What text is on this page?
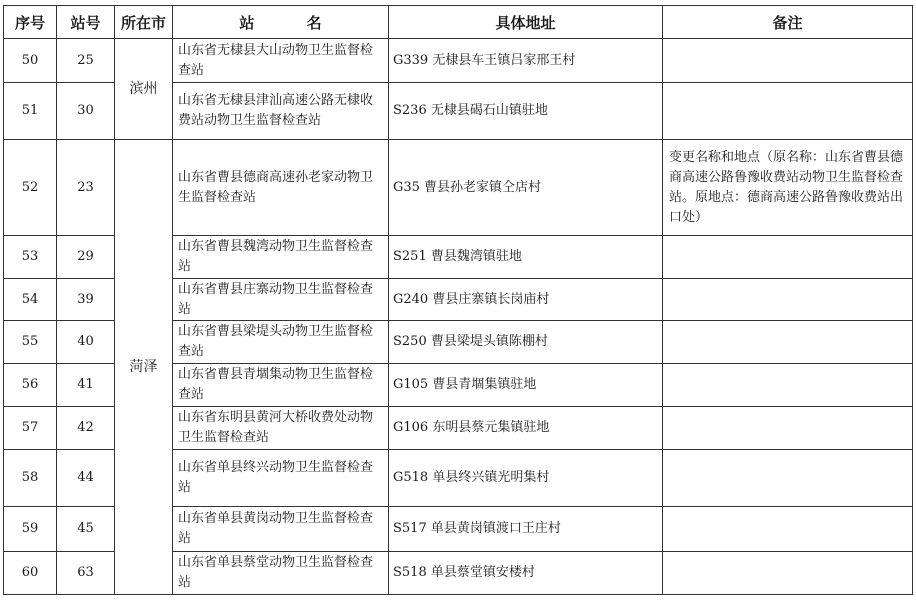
序号	站号	所在市	站          名	具体地址	备注
50	25	滨州	山东省无棣县大山动物卫生监督检查站	G339 无棣县车王镇吕家邢王村	
51	30		山东省无棣县津汕高速公路无棣收费站动物卫生监督检查站	S236 无棣县碣石山镇驻地	
52	23	菏泽	山东省曹县德商高速孙老家动物卫生监督检查站	G35 曹县孙老家镇仝店村	变更名称和地点（原名称：山东省曹县德商高速公路鲁豫收费站动物卫生监督检查站。原地点：德商高速公路鲁豫收费站出口处）
53	29		山东省曹县魏湾动物卫生监督检查站	S251 曹县魏湾镇驻地	
54	39		山东省曹县庄寨动物卫生监督检查站	G240 曹县庄寨镇长岗庙村	
55	40		山东省曹县梁堤头动物卫生监督检查站	S250 曹县梁堤头镇陈棚村	
56	41		山东省曹县青堌集动物卫生监督检查站	G105 曹县青堌集镇驻地	
57	42		山东省东明县黄河大桥收费处动物卫生监督检查站	G106 东明县蔡元集镇驻地	
58	44		山东省单县终兴动物卫生监督检查站	G518 单县终兴镇光明集村	
59	45		山东省单县黄岗动物卫生监督检查站	S517 单县黄岗镇渡口王庄村	
60	63		山东省单县蔡堂动物卫生监督检查站	S518 单县蔡堂镇安楼村	
